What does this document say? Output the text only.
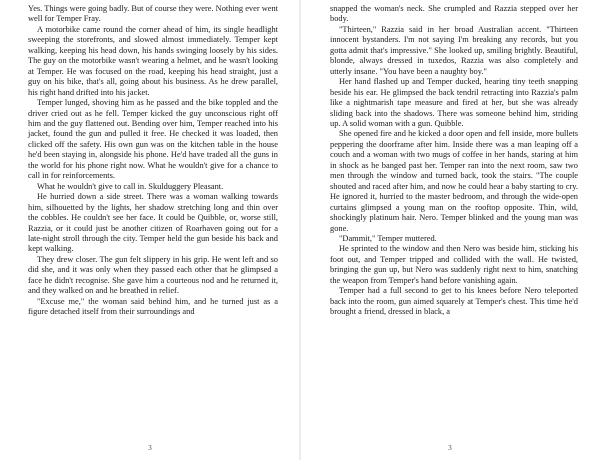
Yes. Things were going badly. But of course they were. Nothing ever went well for Temper Fray.

A motorbike came round the corner ahead of him, its single headlight sweeping the storefronts, and slowed almost immediately. Temper kept walking, keeping his head down, his hands swinging loosely by his sides. The guy on the motorbike wasn't wearing a helmet, and he wasn't looking at Temper. He was focused on the road, keeping his head straight, just a guy on his bike, that's all, going about his business. As he drew parallel, his right hand drifted into his jacket.

Temper lunged, shoving him as he passed and the bike toppled and the driver cried out as he fell. Temper kicked the guy unconscious right off him and the guy flattened out. Bending over him, Temper reached into his jacket, found the gun and pulled it free. He checked it was loaded, then clicked off the safety. His own gun was on the kitchen table in the house he'd been staying in, alongside his phone. He'd have traded all the guns in the world for his phone right now. What he wouldn't give for a chance to call in for reinforcements.

What he wouldn't give to call in. Skulduggery Pleasant.

He hurried down a side street. There was a woman walking towards him, silhouetted by the lights, her shadow stretching long and thin over the cobbles. He couldn't see her face. It could be Quibble, or, worse still, Razzia, or it could just be another citizen of Roarhaven going out for a late-night stroll through the city. Temper held the gun beside his back and kept walking.

They drew closer. The gun felt slippery in his grip. He went left and so did she, and it was only when they passed each other that he glimpsed a face he didn't recognise. She gave him a courteous nod and he returned it, and they walked on and he breathed in relief.

"Excuse me," the woman said behind him, and he turned just as a figure detached itself from their surroundings and

3

snapped the woman's neck. She crumpled and Razzia stepped over her body.

"Thirteen," Razzia said in her broad Australian accent. "Thirteen innocent bystanders. I'm not saying I'm breaking any records, but you gotta admit that's impressive." She looked up, smiling brightly. Beautiful, blonde, always dressed in tuxedos, Razzia was also completely and utterly insane. "You have been a naughty boy."

Her hand flashed up and Temper ducked, hearing tiny teeth snapping beside his ear. He glimpsed the back tendril retracting into Razzia's palm like a nightmarish tape measure and fired at her, but she was already sliding back into the shadows. There was someone behind him, striding up. A solid woman with a gun. Quibble.

She opened fire and he kicked a door open and fell inside, more bullets peppering the doorframe after him. Inside there was a man leaping off a couch and a woman with two mugs of coffee in her hands, staring at him in shock as he banged past her. Temper ran into the next room, saw two men through the window and turned back, took the stairs. "The couple shouted and raced after him, and now he could hear a baby starting to cry. He ignored it, hurried to the master bedroom, and through the wide-open curtains glimpsed a young man on the rooftop opposite. Thin, wild, shockingly platinum hair. Nero. Temper blinked and the young man was gone.

"Dammit," Temper muttered.

He sprinted to the window and then Nero was beside him, sticking his foot out, and Temper tripped and collided with the wall. He twisted, bringing the gun up, but Nero was suddenly right next to him, snatching the weapon from Temper's hand before vanishing again.

Temper had a full second to get to his knees before Nero teleported back into the room, gun aimed squarely at Temper's chest. This time he'd brought a friend, dressed in black, a

3
